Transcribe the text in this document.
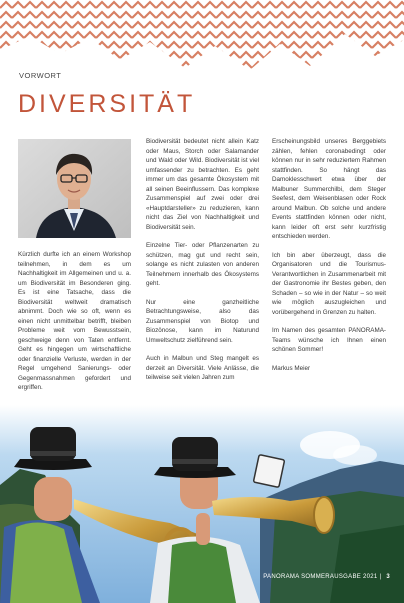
VORWORT
DIVERSITÄT

Kürzlich durfte ich an einem Workshop teilnehmen, in dem es um Nachhaltigkeit im Allgemeinen und u. a. um Biodiversität im Besonderen ging. Es ist eine Tatsache, dass die Biodiversität weltweit dramatisch abnimmt. Doch wie so oft, wenn es einen nicht unmittelbar betrifft, bleiben Probleme weit vom Bewusstsein, geschweige denn von Taten entfernt. Geht es hingegen um wirtschaftliche oder finanzielle Verluste, werden in der Regel umgehend Sanierungs- oder Gegenmassnahmen gefordert und ergriffen.

Biodiversität bedeutet nicht allein Katz oder Maus, Storch oder Salamander und Wald oder Wild. Biodiversität ist viel umfassender zu betrachten. Es geht immer um das gesamte Ökosystem mit all seinen Beeinflussern. Das komplexe Zusammenspiel auf zwei oder drei «Hauptdarsteller» zu reduzieren, kann nicht das Ziel von Nachhaltigkeit und Biodiversität sein.

Einzelne Tier- oder Pflanzenarten zu schützen, mag gut und recht sein, solange es nicht zulasten von anderen Teilnehmern innerhalb des Ökosystems geht.

Nur eine ganzheitliche Betrachtungsweise, also das Zusammenspiel von Biotop und Biozönose, kann im Naturund Umweltschutz zielführend sein.

Auch in Malbun und Steg mangelt es derzeit an Diversität. Viele Anlässe, die teilweise seit vielen Jahren zum

Erscheinungsbild unseres Berggebiets zählen, fehlen coronabedingt oder können nur in sehr reduziertem Rahmen stattfinden. So hängt das Damoklesschwert etwa über der Malbuner Summerchilbi, dem Steger Seefest, dem Weisenblasen oder Rock around Malbun. Ob solche und andere Events stattfinden können oder nicht, kann leider oft erst sehr kurzfristig entschieden werden.

Ich bin aber überzeugt, dass die Organisatoren und die Tourismus-Verantwortlichen in Zusammenarbeit mit der Gastronomie ihr Bestes geben, den Schaden – so wie in der Natur – so weit wie möglich auszugleichen und vorübergehend in Grenzen zu halten.

Im Namen des gesamten PANORAMA-Teams wünsche ich Ihnen einen schönen Sommer!

Markus Meier

PANORAMA SOMMERAUSGABE 2021 | 3
